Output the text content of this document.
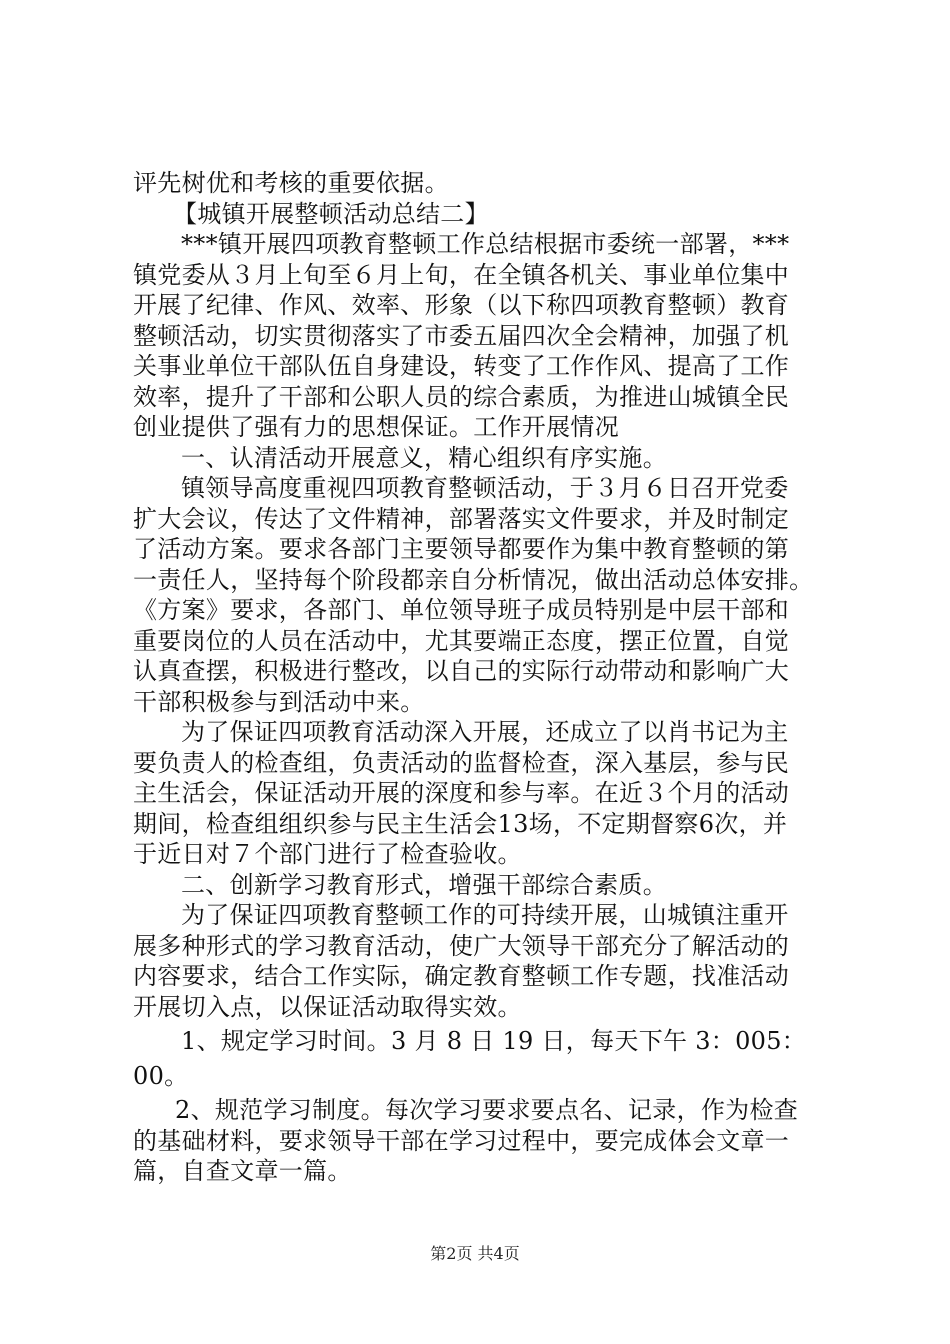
评先树优和考核的重要依据。

【城镇开展整顿活动总结二】

***镇开展四项教育整顿工作总结根据市委统一部署，***

镇党委从３月上旬至６月上旬，在全镇各机关、事业单位集中

开展了纪律、作风、效率、形象（以下称四项教育整顿）教育

整顿活动，切实贯彻落实了市委五届四次全会精神，加强了机

关事业单位干部队伍自身建设，转变了工作作风、提高了工作

效率，提升了干部和公职人员的综合素质，为推进山城镇全民

创业提供了强有力的思想保证。工作开展情况

一、认清活动开展意义，精心组织有序实施。

镇领导高度重视四项教育整顿活动，于３月６日召开党委

扩大会议，传达了文件精神，部署落实文件要求，并及时制定

了活动方案。要求各部门主要领导都要作为集中教育整顿的第

一责任人，坚持每个阶段都亲自分析情况，做出活动总体安排。

《方案》要求，各部门、单位领导班子成员特别是中层干部和

重要岗位的人员在活动中，尤其要端正态度，摆正位置，自觉

认真查摆，积极进行整改，以自己的实际行动带动和影响广大

干部积极参与到活动中来。

为了保证四项教育活动深入开展，还成立了以肖书记为主

要负责人的检查组，负责活动的监督检查，深入基层，参与民

主生活会，保证活动开展的深度和参与率。在近３个月的活动

期间，检查组组织参与民主生活会13场，不定期督察6次，并

于近日对７个部门进行了检查验收。

二、创新学习教育形式，增强干部综合素质。

为了保证四项教育整顿工作的可持续开展，山城镇注重开

展多种形式的学习教育活动，使广大领导干部充分了解活动的

内容要求，结合工作实际，确定教育整顿工作专题，找准活动

开展切入点，以保证活动取得实效。

1、规定学习时间。3 月 8 日 19 日，每天下午 3：005：

00。

2、规范学习制度。每次学习要求要点名、记录，作为检查

的基础材料，要求领导干部在学习过程中，要完成体会文章一

篇，自查文章一篇。

第2页 共4页
